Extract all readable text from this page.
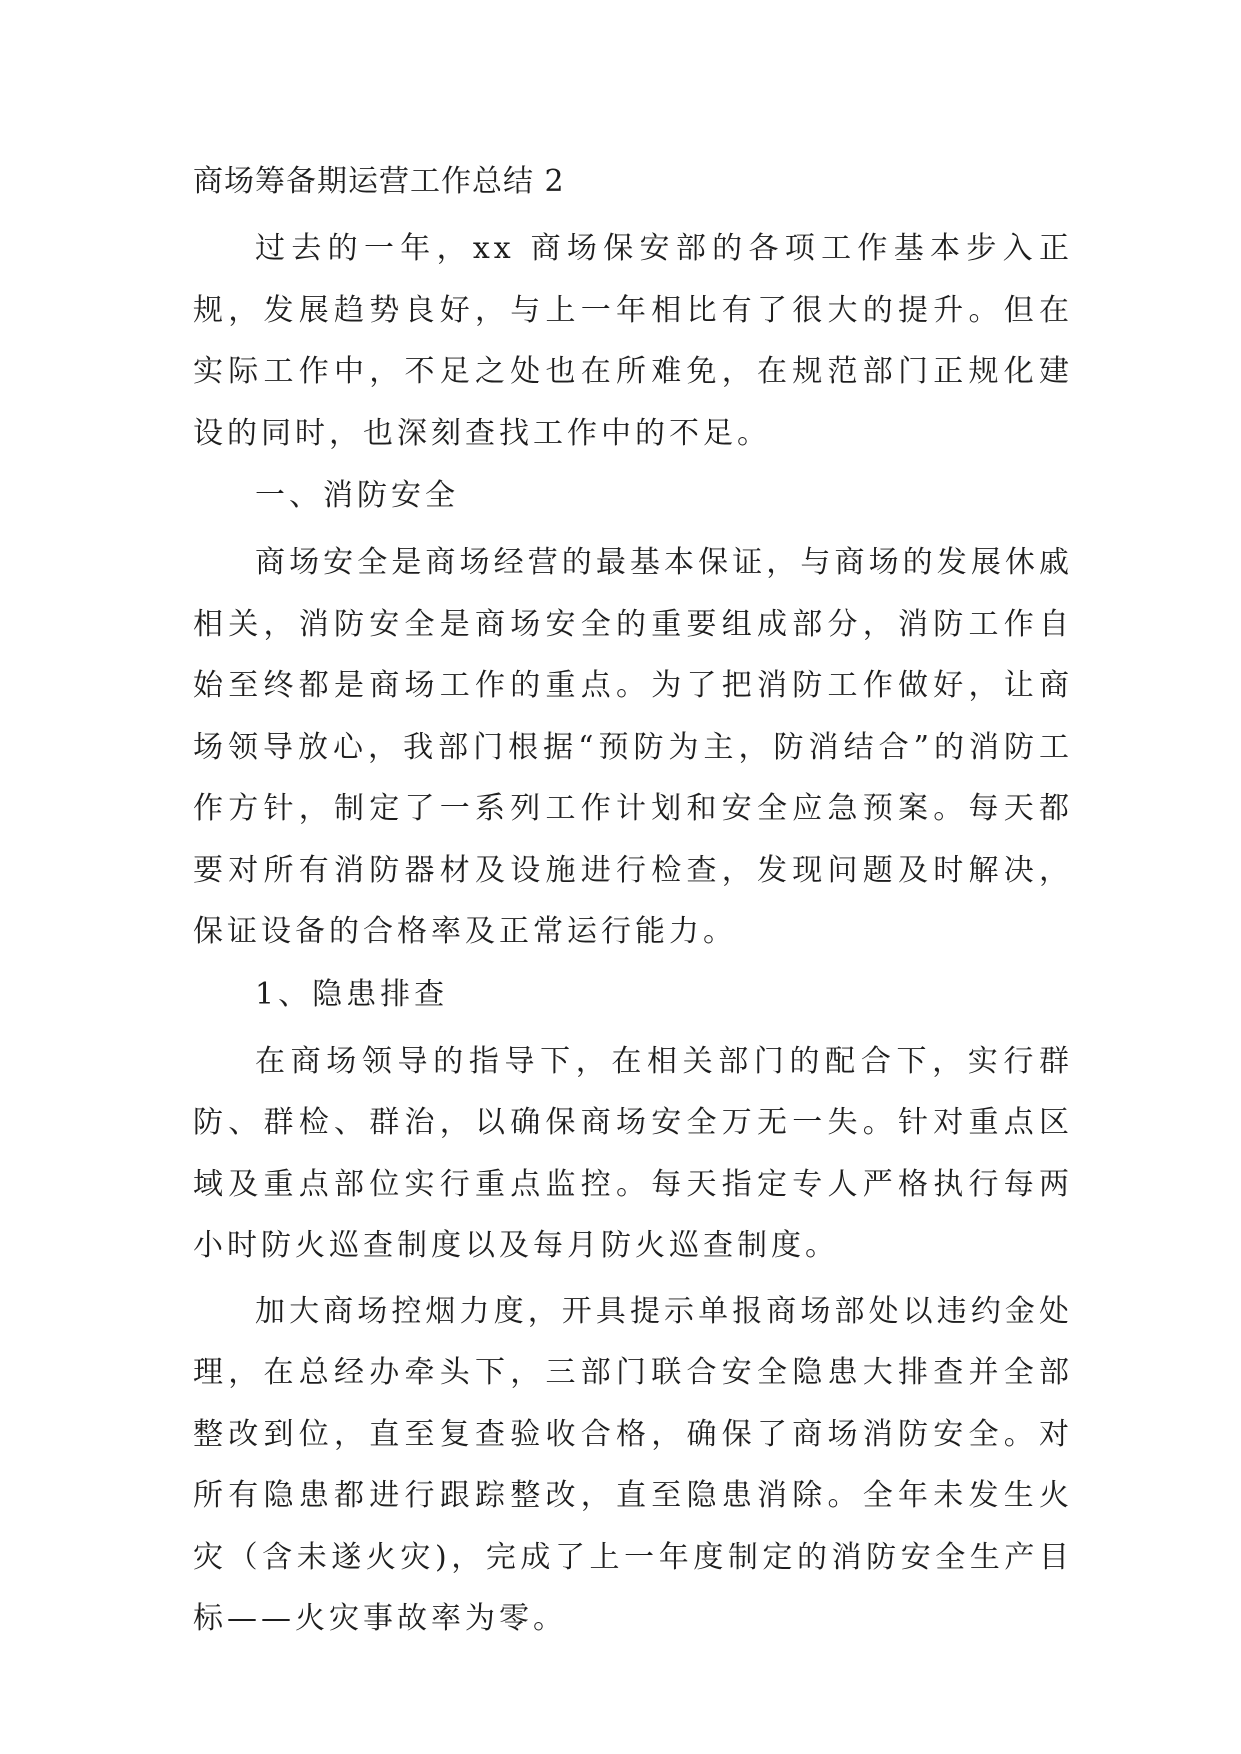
商场筹备期运营工作总结 2

过去的一年，xx 商场保安部的各项工作基本步入正规，发展趋势良好，与上一年相比有了很大的提升。但在实际工作中，不足之处也在所难免，在规范部门正规化建设的同时，也深刻查找工作中的不足。

一、消防安全

商场安全是商场经营的最基本保证，与商场的发展休戚相关，消防安全是商场安全的重要组成部分，消防工作自始至终都是商场工作的重点。为了把消防工作做好，让商场领导放心，我部门根据“预防为主，防消结合”的消防工作方针，制定了一系列工作计划和安全应急预案。每天都要对所有消防器材及设施进行检查，发现问题及时解决，保证设备的合格率及正常运行能力。

1、隐患排查

在商场领导的指导下，在相关部门的配合下，实行群防、群检、群治，以确保商场安全万无一失。针对重点区域及重点部位实行重点监控。每天指定专人严格执行每两小时防火巡查制度以及每月防火巡查制度。

加大商场控烟力度，开具提示单报商场部处以违约金处理，在总经办牵头下，三部门联合安全隐患大排查并全部整改到位，直至复查验收合格，确保了商场消防安全。对所有隐患都进行跟踪整改，直至隐患消除。全年未发生火灾（含未遂火灾)，完成了上一年度制定的消防安全生产目标——火灾事故率为零。
